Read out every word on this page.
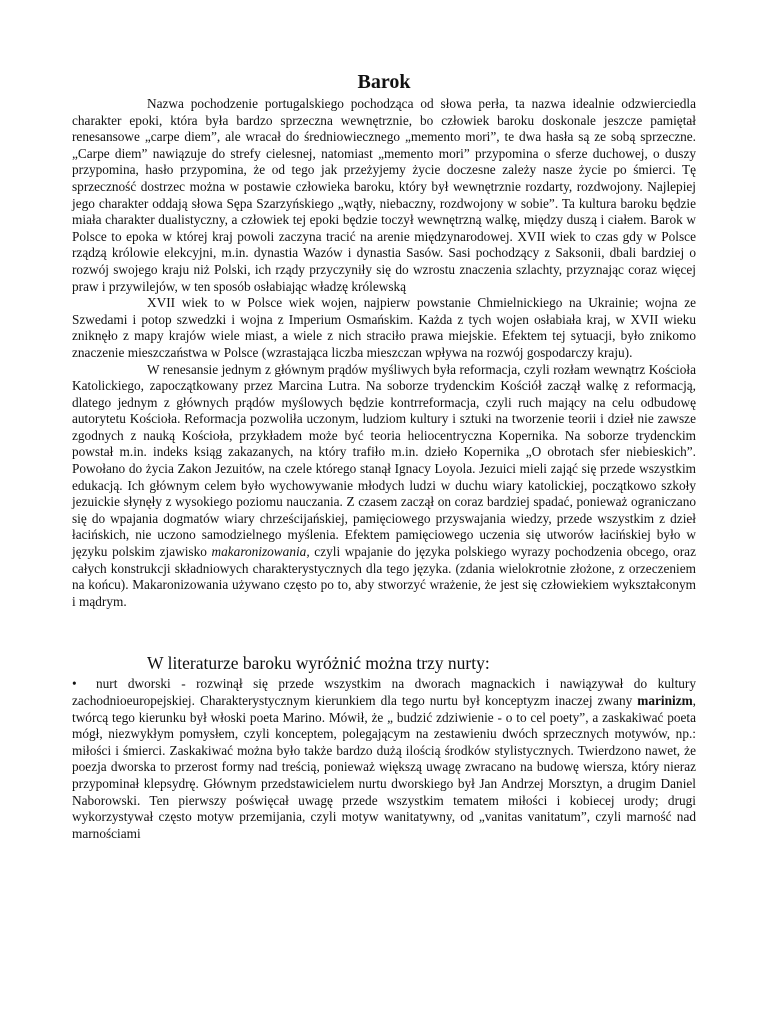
Barok

Nazwa pochodzenie portugalskiego pochodząca od słowa perła, ta nazwa idealnie odzwierciedla charakter epoki, która była bardzo sprzeczna wewnętrznie, bo człowiek baroku doskonale jeszcze pamiętał renesansowe „carpe diem”, ale wracał do średniowiecznego „memento mori”, te dwa hasła są ze sobą sprzeczne. „Carpe diem” nawiązuje do strefy cielesnej, natomiast „memento mori” przypomina o sferze duchowej, o duszy przypomina, hasło przypomina, że od tego jak przeżyjemy życie doczesne zależy nasze życie po śmierci. Tę sprzeczność dostrzec można w postawie człowieka baroku, który był wewnętrznie rozdarty, rozdwojony. Najlepiej jego charakter oddają słowa Sępa Szarzyńskiego „wątły, niebaczny, rozdwojony w sobie”. Ta kultura baroku będzie miała charakter dualistyczny, a człowiek tej epoki będzie toczył wewnętrzną walkę, między duszą i ciałem. Barok w Polsce to epoka w której kraj powoli zaczyna tracić na arenie międzynarodowej. XVII wiek to czas gdy w Polsce rządzą królowie elekcyjni, m.in. dynastia Wazów i dynastia Sasów. Sasi pochodzący z Saksonii, dbali bardziej o rozwój swojego kraju niż Polski, ich rządy przyczyniły się do wzrostu znaczenia szlachty, przyznając coraz więcej praw i przywilejów, w ten sposób osłabiając władzę królewską

XVII wiek to w Polsce wiek wojen, najpierw powstanie Chmielnickiego na Ukrainie; wojna ze Szwedami i potop szwedzki i wojna z Imperium Osmańskim. Każda z tych wojen osłabiała kraj, w XVII wieku zniknęło z mapy krajów wiele miast, a wiele z nich straciło prawa miejskie. Efektem tej sytuacji, było znikomo znaczenie mieszczaństwa w Polsce (wzrastająca liczba mieszczan wpływa na rozwój gospodarczy kraju).

W renesansie jednym z głównym prądów myśliwych była reformacja, czyli rozłam wewnątrz Kościoła Katolickiego, zapoczątkowany przez Marcina Lutra. Na soborze trydenckim Kościół zaczął walkę z reformacją, dlatego jednym z głównych prądów myślowych będzie kontrreformacja, czyli ruch mający na celu odbudowę autorytetu Kościoła. Reformacja pozwoliła uczonym, ludziom kultury i sztuki na tworzenie teorii i dzieł nie zawsze zgodnych z nauką Kościoła, przykładem może być teoria heliocentryczna Kopernika. Na soborze trydenckim powstał m.in. indeks ksiąg zakazanych, na który trafiło m.in. dzieło Kopernika „O obrotach sfer niebieskich”. Powołano do życia Zakon Jezuitów, na czele którego stanął Ignacy Loyola. Jezuici mieli zająć się przede wszystkim edukacją. Ich głównym celem było wychowywanie młodych ludzi w duchu wiary katolickiej, początkowo szkoły jezuickie słynęły z wysokiego poziomu nauczania. Z czasem zaczął on coraz bardziej spadać, ponieważ ograniczano się do wpajania dogmatów wiary chrześcijańskiej, pamięciowego przyswajania wiedzy, przede wszystkim z dzieł łacińskich, nie uczono samodzielnego myślenia. Efektem pamięciowego uczenia się utworów łacińskiej było w języku polskim zjawisko makaronizowania, czyli wpajanie do języka polskiego wyrazy pochodzenia obcego, oraz całych konstrukcji składniowych charakterystycznych dla tego języka. (zdania wielokrotnie złożone, z orzeczeniem na końcu). Makaronizowania używano często po to, aby stworzyć wrażenie, że jest się człowiekiem wykształconym i mądrym.

W literaturze baroku wyróżnić można trzy nurty:

• nurt dworski - rozwinął się przede wszystkim na dworach magnackich i nawiązywał do kultury zachodnioeuropejskiej. Charakterystycznym kierunkiem dla tego nurtu był konceptyzm inaczej zwany marinizm, twórcą tego kierunku był włoski poeta Marino. Mówił, że „ budzić zdziwienie - o to cel poety”, a zaskakiwać poeta mógł, niezwykłym pomysłem, czyli konceptem, polegającym na zestawieniu dwóch sprzecznych motywów, np.: miłości i śmierci. Zaskakiwać można było także bardzo dużą ilością środków stylistycznych. Twierdzono nawet, że poezja dworska to przerost formy nad treścią, ponieważ większą uwagę zwracano na budowę wiersza, który nieraz przypominał klepsydrę. Głównym przedstawicielem nurtu dworskiego był Jan Andrzej Morsztyn, a drugim Daniel Naborowski. Ten pierwszy poświęcał uwagę przede wszystkim tematem miłości i kobiecej urody; drugi wykorzystywał często motyw przemijania, czyli motyw wanitatywny, od „vanitas vanitatum”, czyli marność nad marnościami
